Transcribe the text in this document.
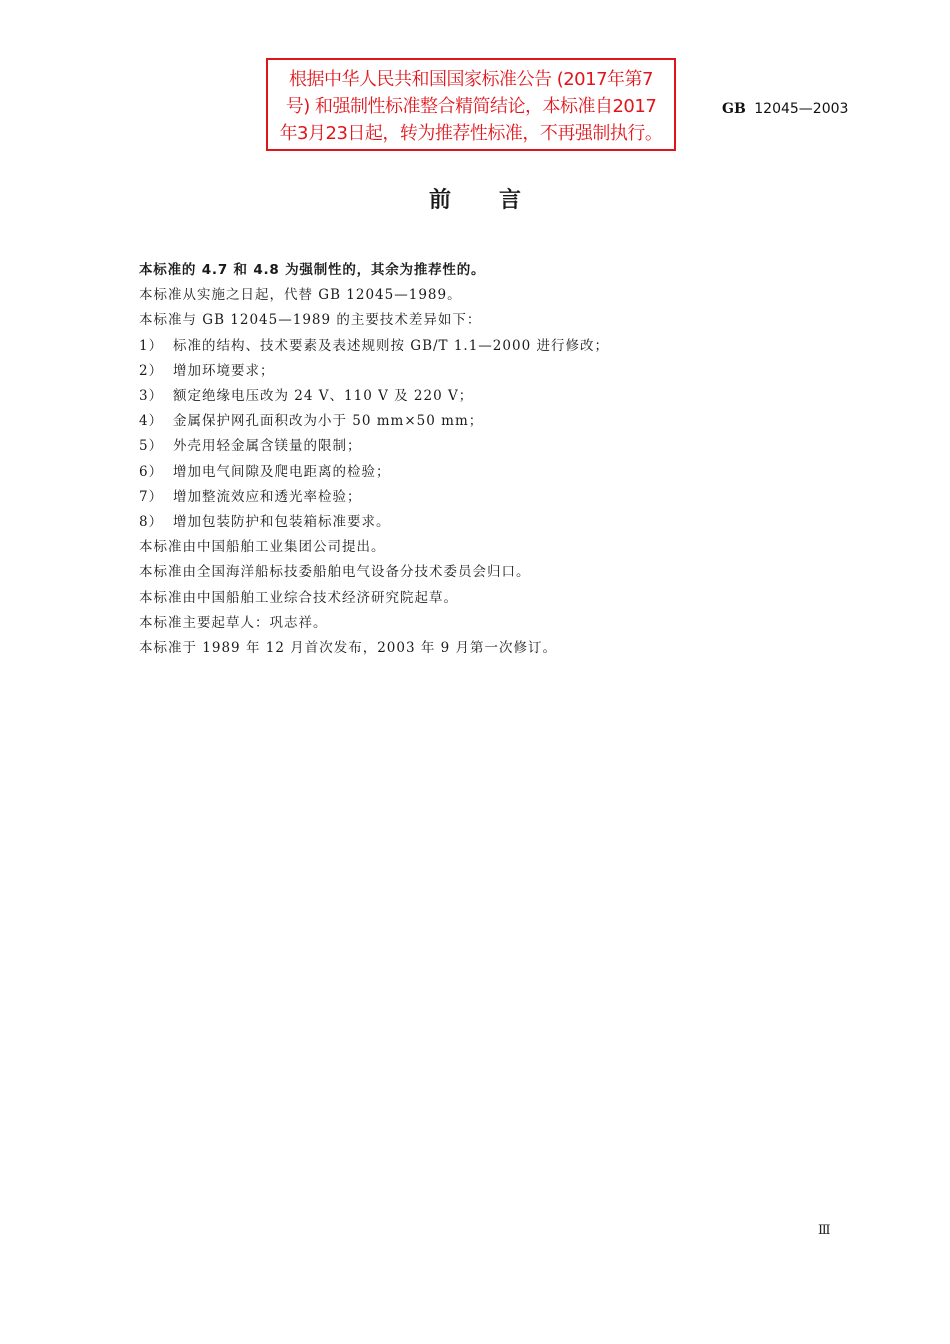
根据中华人民共和国国家标准公告 (2017年第7
号) 和强制性标准整合精简结论，本标准自2017
年3月23日起，转为推荐性标准，不再强制执行。
GB 12045—2003
前言

本标准的 4.7 和 4.8 为强制性的，其余为推荐性的。

本标准从实施之日起，代替 GB 12045—1989。

本标准与 GB 12045—1989 的主要技术差异如下：

1） 标准的结构、技术要素及表述规则按 GB/T 1.1—2000 进行修改；

2） 增加环境要求；

3） 额定绝缘电压改为 24 V、110 V 及 220 V；

4） 金属保护网孔面积改为小于 50 mm×50 mm；

5） 外壳用轻金属含镁量的限制；

6） 增加电气间隙及爬电距离的检验；

7） 增加整流效应和透光率检验；

8） 增加包装防护和包装箱标准要求。

本标准由中国船舶工业集团公司提出。

本标准由全国海洋船标技委船舶电气设备分技术委员会归口。

本标准由中国船舶工业综合技术经济研究院起草。

本标准主要起草人：巩志祥。

本标准于 1989 年 12 月首次发布，2003 年 9 月第一次修订。

Ⅲ
